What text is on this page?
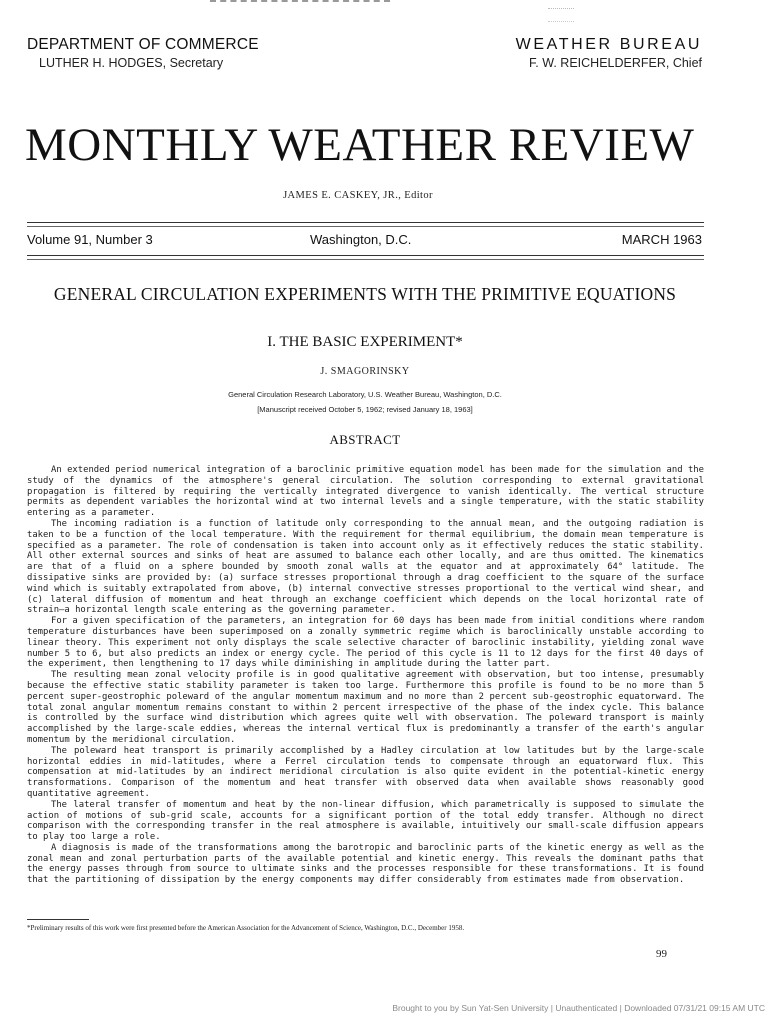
DEPARTMENT OF COMMERCE
LUTHER H. HODGES, Secretary
WEATHER BUREAU
F. W. REICHELDERFER, Chief
MONTHLY WEATHER REVIEW
JAMES E. CASKEY, JR., Editor
Volume 91, Number 3	Washington, D.C.	MARCH 1963
GENERAL CIRCULATION EXPERIMENTS WITH THE PRIMITIVE EQUATIONS
I. THE BASIC EXPERIMENT*
J. SMAGORINSKY
General Circulation Research Laboratory, U.S. Weather Bureau, Washington, D.C.
[Manuscript received October 5, 1962; revised January 18, 1963]
ABSTRACT

An extended period numerical integration of a baroclinic primitive equation model has been made for the simulation and the study of the dynamics of the atmosphere's general circulation. The solution corresponding to external gravitational propagation is filtered by requiring the vertically integrated divergence to vanish identically. The vertical structure permits as dependent variables the horizontal wind at two internal levels and a single temperature, with the static stability entering as a parameter.

The incoming radiation is a function of latitude only corresponding to the annual mean, and the outgoing radiation is taken to be a function of the local temperature. With the requirement for thermal equilibrium, the domain mean temperature is specified as a parameter. The role of condensation is taken into account only as it effectively reduces the static stability. All other external sources and sinks of heat are assumed to balance each other locally, and are thus omitted. The kinematics are that of a fluid on a sphere bounded by smooth zonal walls at the equator and at approximately 64° latitude. The dissipative sinks are provided by: (a) surface stresses proportional through a drag coefficient to the square of the surface wind which is suitably extrapolated from above, (b) internal convective stresses proportional to the vertical wind shear, and (c) lateral diffusion of momentum and heat through an exchange coefficient which depends on the local horizontal rate of strain—a horizontal length scale entering as the governing parameter.

For a given specification of the parameters, an integration for 60 days has been made from initial conditions where random temperature disturbances have been superimposed on a zonally symmetric regime which is baroclinically unstable according to linear theory. This experiment not only displays the scale selective character of baroclinic instability, yielding zonal wave number 5 to 6, but also predicts an index or energy cycle. The period of this cycle is 11 to 12 days for the first 40 days of the experiment, then lengthening to 17 days while diminishing in amplitude during the latter part.

The resulting mean zonal velocity profile is in good qualitative agreement with observation, but too intense, presumably because the effective static stability parameter is taken too large. Furthermore this profile is found to be no more than 5 percent super-geostrophic poleward of the angular momentum maximum and no more than 2 percent sub-geostrophic equatorward. The total zonal angular momentum remains constant to within 2 percent irrespective of the phase of the index cycle. This balance is controlled by the surface wind distribution which agrees quite well with observation. The poleward transport is mainly accomplished by the large-scale eddies, whereas the internal vertical flux is predominantly a transfer of the earth's angular momentum by the meridional circulation.

The poleward heat transport is primarily accomplished by a Hadley circulation at low latitudes but by the large-scale horizontal eddies in mid-latitudes, where a Ferrel circulation tends to compensate through an equatorward flux. This compensation at mid-latitudes by an indirect meridional circulation is also quite evident in the potential-kinetic energy transformations. Comparison of the momentum and heat transfer with observed data when available shows reasonably good quantitative agreement.

The lateral transfer of momentum and heat by the non-linear diffusion, which parametrically is supposed to simulate the action of motions of sub-grid scale, accounts for a significant portion of the total eddy transfer. Although no direct comparison with the corresponding transfer in the real atmosphere is available, intuitively our small-scale diffusion appears to play too large a role.

A diagnosis is made of the transformations among the barotropic and baroclinic parts of the kinetic energy as well as the zonal mean and zonal perturbation parts of the available potential and kinetic energy. This reveals the dominant paths that the energy passes through from source to ultimate sinks and the processes responsible for these transformations. It is found that the partitioning of dissipation by the energy components may differ considerably from estimates made from observation.

*Preliminary results of this work were first presented before the American Association for the Advancement of Science, Washington, D.C., December 1958.
99
Brought to you by Sun Yat-Sen University | Unauthenticated | Downloaded 07/31/21 09:15 AM UTC
